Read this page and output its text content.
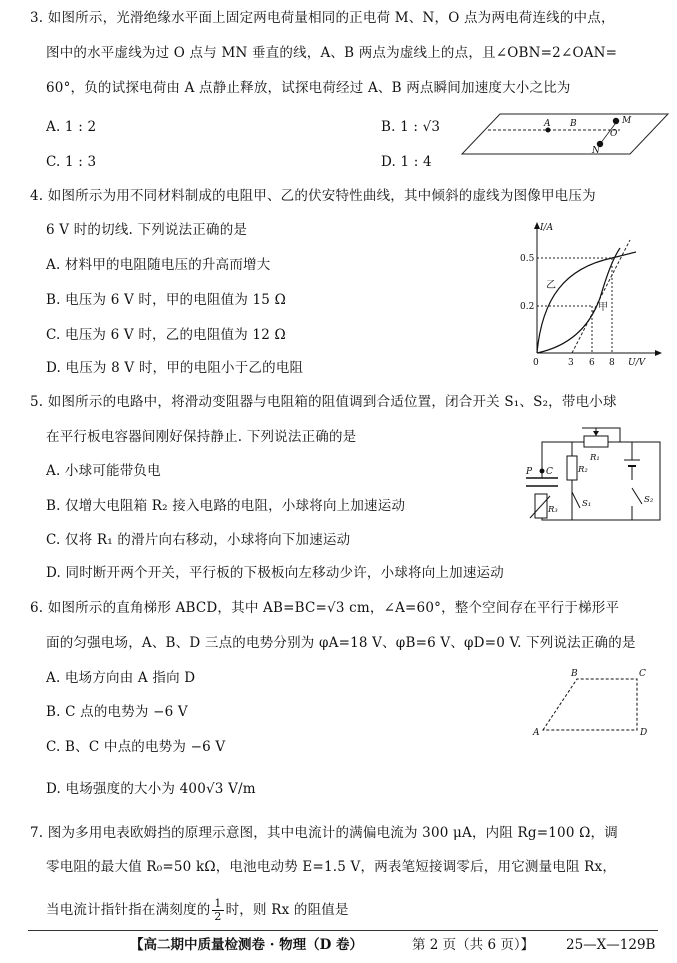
3. 如图所示，光滑绝缘水平面上固定两电荷量相同的正电荷 M、N，O 点为两电荷连线的中点，
图中的水平虚线为过 O 点与 MN 垂直的线，A、B 两点为虚线上的点，且∠OBN=2∠OAN=
60°，负的试探电荷由 A 点静止释放，试探电荷经过 A、B 两点瞬间加速度大小之比为
A. 1 : 2	B. 1 : √3
C. 1 : 3	D. 1 : 4
A B	M
O
N
4. 如图所示为用不同材料制成的电阻甲、乙的伏安特性曲线，其中倾斜的虚线为图像甲电压为
6 V 时的切线. 下列说法正确的是
A. 材料甲的电阻随电压的升高而增大
B. 电压为 6 V 时，甲的电阻值为 15 Ω
C. 电压为 6 V 时，乙的电阻值为 12 Ω
D. 电压为 8 V 时，甲的电阻小于乙的电阻
I/A
U/V
0.5
0.2
0	3 6 8
乙
甲
5. 如图所示的电路中，将滑动变阻器与电阻箱的阻值调到合适位置，闭合开关 S₁、S₂，带电小球
在平行板电容器间刚好保持静止. 下列说法正确的是
A. 小球可能带负电
B. 仅增大电阻箱 R₂ 接入电路的电阻，小球将向上加速运动
C. 仅将 R₁ 的滑片向右移动，小球将向下加速运动
D. 同时断开两个开关，平行板的下极板向左移动少许，小球将向上加速运动
P C
R₁
R₂
R₃
S₁	S₂
6. 如图所示的直角梯形 ABCD，其中 AB=BC=√3 cm，∠A=60°，整个空间存在平行于梯形平
面的匀强电场，A、B、D 三点的电势分别为 φA=18 V、φB=6 V、φD=0 V. 下列说法正确的是
A. 电场方向由 A 指向 D
B. C 点的电势为 −6 V
C. B、C 中点的电势为 −6 V
D. 电场强度的大小为 400√3 V/m
A
B	C
D
7. 图为多用电表欧姆挡的原理示意图，其中电流计的满偏电流为 300 μA，内阻 Rg=100 Ω，调
零电阻的最大值 R₀=50 kΩ，电池电动势 E=1.5 V，两表笔短接调零后，用它测量电阻 Rx，
当电流计指针指在满刻度的 $\frac{1}{2}$ 时，则 Rx 的阻值是
【高二期中质量检测卷 · 物理（D 卷）	第 2 页（共 6 页）】 25—X—129B
